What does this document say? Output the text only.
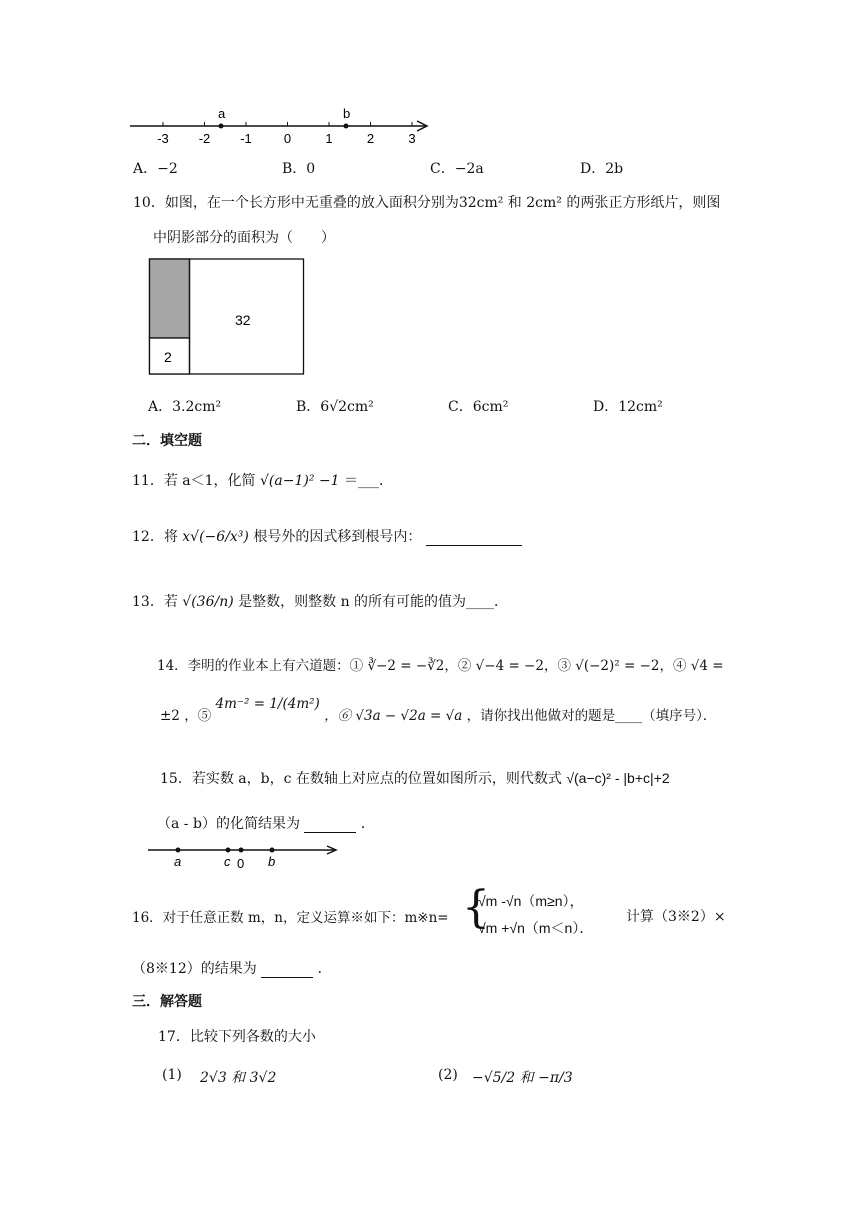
-3 -2 -1 0	1	2	3
a	b
A．−2	B．0	C．−2a	D．2b
10．如图，在一个长方形中无重叠的放入面积分别为32cm² 和 2cm² 的两张正方形纸片，则图
中阴影部分的面积为（　　）
32
2
A．3.2cm²	B．6√2cm²	C．6cm²	D．12cm²
二．填空题
11．若 a＜1，化简 √(a−1)² −1 ＝___．
12．将 x√(−6/x³) 根号外的因式移到根号内：
13．若 √(36/n) 是整数，则整数 n 的所有可能的值为____．
14．李明的作业本上有六道题：① ∛−2 = −∛2，② √−4 = −2，③ √(−2)² = −2，④ √4 =
±2 ，⑤ 4m⁻² = 1/(4m²) ，⑥ √3a − √2a = √a ，请你找出他做对的题是____（填序号）．
15．若实数 a，b，c 在数轴上对应点的位置如图所示，则代数式 √(a−c)² - |b+c|+2
（a - b）的化简结果为	．
a	c 0 b
16．对于任意正数 m，n，定义运算※如下：m※n= {
√m -√n（m≥n），
√m +√n（m＜n）．
计算（3※2）×
（8※12）的结果为	．
三．解答题
17．比较下列各数的大小
(1) 2√3 和 3√2	(2) −√5/2 和 −π/3
